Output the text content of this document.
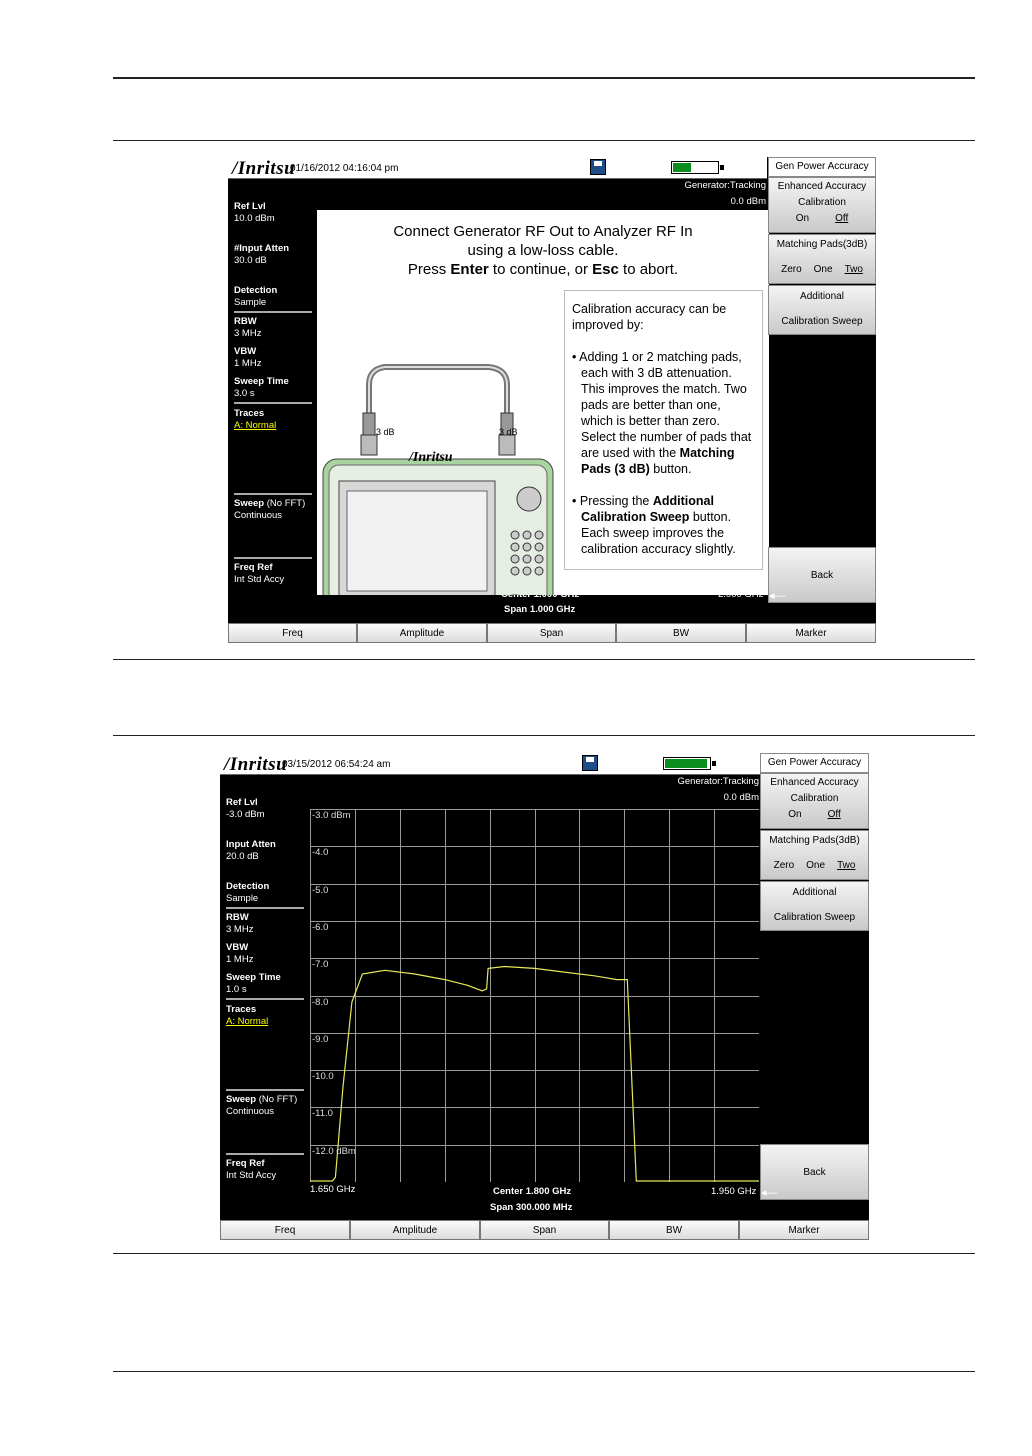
/Inritsu
01/16/2012 04:16:04 pm
Generator:Tracking
0.0 dBm
Ref Lvl
10.0 dBm
#Input Atten
30.0 dB
Detection
Sample
RBW
3 MHz
VBW
1 MHz
Sweep Time
3.0 s
Traces
A: Normal
Sweep (No FFT)
Continuous
Freq Ref
Int Std Accy
Span 1.000 GHz
Connect Generator RF Out to Analyzer RF In
using a low-loss cable.
Press Enter to continue, or Esc to abort.
3 dB	3 dB
/Inritsu
Calibration accuracy can be improved by:
• Adding 1 or 2 matching pads, each with 3 dB attenuation. This improves the match. Two pads are better than one, which is better than zero. Select the number of pads that are used with the Matching Pads (3 dB) button.
• Pressing the Additional Calibration Sweep button. Each sweep improves the calibration accuracy slightly.
Gen Power Accuracy
Enhanced Accuracy
Calibration
On	Off
Matching Pads(3dB)
Zero One Two
Additional
Calibration Sweep
Back
◂—
Freq	Amplitude	Span	BW	Marker
/Inritsu
03/15/2012 06:54:24 am
Generator:Tracking
0.0 dBm
Ref Lvl
-3.0 dBm
Input Atten
20.0 dB
Detection
Sample
RBW
3 MHz
VBW
1 MHz
Sweep Time
1.0 s
Traces
A: Normal
Sweep (No FFT)
Continuous
Freq Ref
Int Std Accy
-3.0 dBm
-4.0
-5.0
-6.0
-7.0
-8.0
-9.0
-10.0
-11.0
-12.0 dBm
1.650 GHz	Center 1.800 GHz	1.950 GHz
Span 300.000 MHz
Gen Power Accuracy
Enhanced Accuracy
Calibration
On	Off
Matching Pads(3dB)
Zero One Two
Additional
Calibration Sweep
Back
◂—
Freq	Amplitude	Span	BW	Marker
